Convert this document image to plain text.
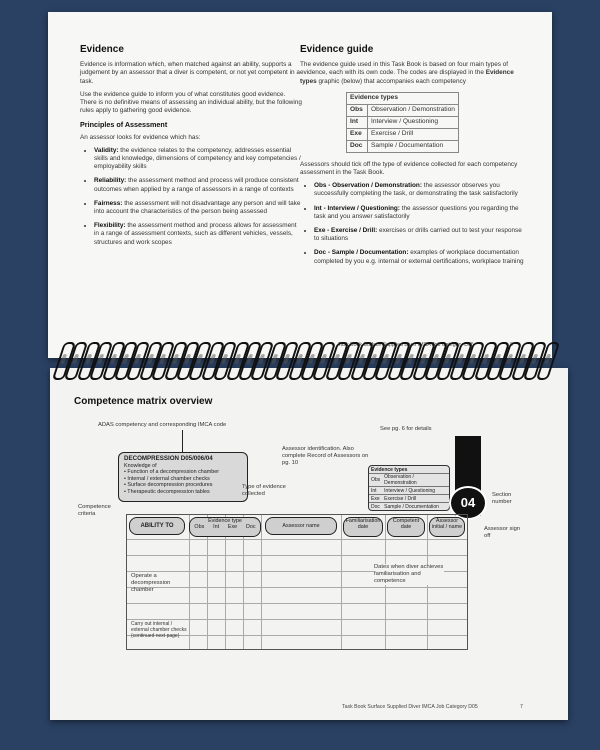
Evidence

Evidence is information which, when matched against an ability, supports a judgement by an assessor that a diver is competent, or not yet competent in a task.

Use the evidence guide to inform you of what constitutes good evidence. There is no definitive means of assessing an individual ability, but the following rules apply to gathering good evidence.

Principles of Assessment

An assessor looks for evidence which has:

• Validity: the evidence relates to the competency, addresses essential skills and knowledge, dimensions of competency and key competencies / employability skills
• Reliability: the assessment method and process will produce consistent outcomes when applied by a range of assessors in a range of contexts
• Fairness: the assessment will not disadvantage any person and will take into account the characteristics of the person being assessed
• Flexibility: the assessment method and process allows for assessment in a range of assessment contexts, such as different vehicles, vessels, structures and work scopes
Evidence guide

The evidence guide used in this Task Book is based on four main types of evidence, each with its own code. The codes are displayed in the Evidence types graphic (below) that accompanies each competency

Evidence types	
Obs	Observation / Demonstration
Int	Interview / Questioning
Exe	Exercise / Drill
Doc	Sample / Documentation

Assessors should tick off the type of evidence collected for each competency assessment in the Task Book.

• Obs - Observation / Demonstration: the assessor observes you successfully completing the task, or demonstrating the task satisfactorily
• Int - Interview / Questioning: the assessor questions you regarding the task and you answer satisfactorily
• Exe - Exercise / Drill: exercises or drills carried out to test your response to situations
• Doc - Sample / Documentation: examples of workplace documentation completed by you e.g. internal or external certifications, workplace training
Task Book Surface Supplied Diver IMCA Job Category D05	6
Competence matrix overview
ADAS competency and corresponding IMCA code
DECOMPRESSION D05/006/04
Knowledge of
• Function of a decompression chamber
• Internal / external chamber checks
• Surface decompression procedures
• Therapeutic decompression tables
Assessor identification. Also complete Record of Assessors on pg. 10
See pg. 6 for details
Type of evidence collected
Competence criteria
Section number
Assessor sign off
Evidence types	
Obs	Observation / Demonstration
Int	Interview / Questioning
Exe	Exercise / Drill
Doc	Sample / Documentation	04
ABILITY TO
Evidence type
Obs Int Exe Doc	Assessor name
Familiarisation date
Competent date
Assessor initial / name
Operate a decompression chamber
Carry out internal / external chamber checks (continued next page)
Dates when diver achieves familiarisation and competence
Task Book Surface Supplied Diver IMCA Job Category D05	7
